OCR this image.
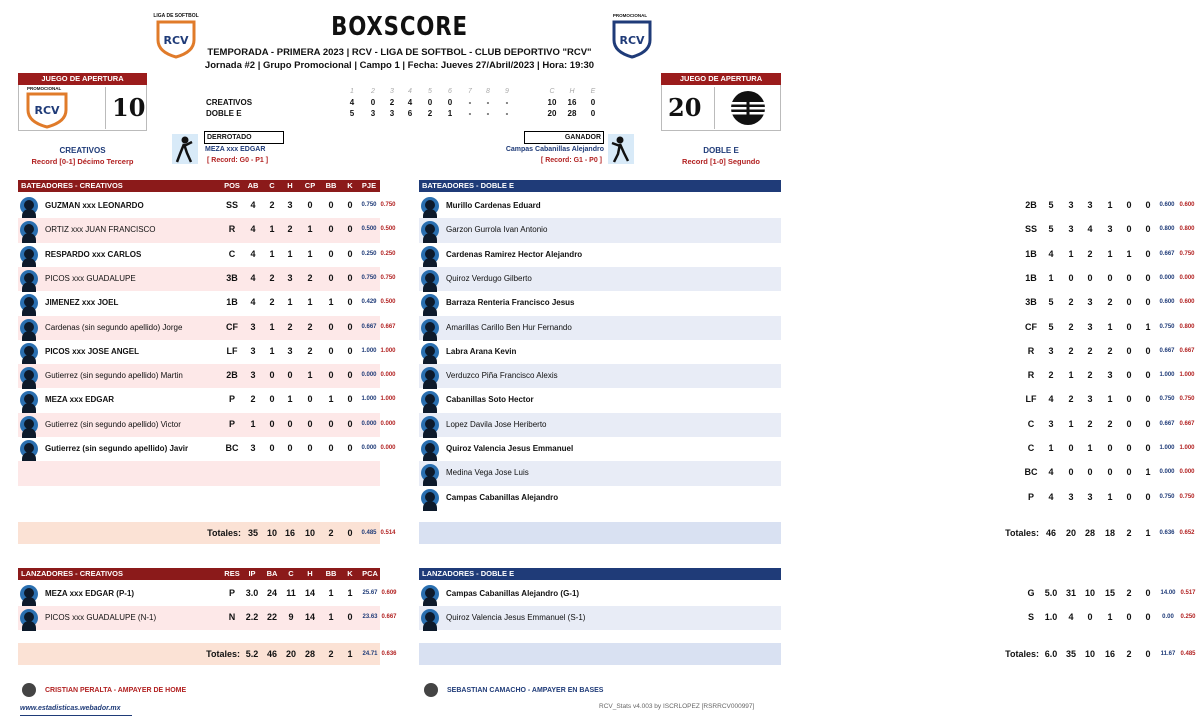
LIGA DE SOFTBOL
RCV
PROMOCIONAL
RCV
BOXSCORE
TEMPORADA - PRIMERA 2023 | RCV - LIGA DE SOFTBOL - CLUB DEPORTIVO "RCV"
Jornada #2 | Grupo Promocional | Campo 1 | Fecha: Jueves 27/Abril/2023 | Hora: 19:30
JUEGO DE APERTURA
PROMOCIONAL
RCV 10
CREATIVOS
Record [0-1] Décimo Tercerp
JUEGO DE APERTURA
20
DOBLE E
Record [1-0] Segundo
1	2	3	4	5	6	7	8	9	C	H	E
CREATIVOS	4	0	2	4	0	0	-	-	-	10	16	0
DOBLE E	5	3	3	6	2	1	-	-	-	20	28	0
DERROTADO
MEZA xxx EDGAR
[ Record: G0 - P1 ]
GANADOR
Campas Cabanillas Alejandro
[ Record: G1 - P0 ]
BATEADORES - CREATIVOS	POS	AB	C	H	CP	BB	K	PJE OBP
GUZMAN xxx LEONARDO	SS	4	2	3	0	0	0	0.750 0.750
ORTIZ xxx JUAN FRANCISCO	R	4	1	2	1	0	0	0.500 0.500
RESPARDO xxx CARLOS	C	4	1	1	1	0	0	0.250 0.250
PICOS xxx GUADALUPE	3B	4	2	3	2	0	0	0.750 0.750
JIMENEZ xxx JOEL	1B	4	2	1	1	1	0	0.429 0.500
Cardenas (sin segundo apellido) Jorge	CF	3	1	2	2	0	0	0.667 0.667
PICOS xxx JOSE ANGEL	LF	3	1	3	2	0	0	1.000 1.000
Gutierrez (sin segundo apellido) Martin	2B	3	0	0	1	0	0	0.000 0.000
MEZA xxx EDGAR	P	2	0	1	0	1	0	1.000 1.000
Gutierrez (sin segundo apellido) Victor	P	1	0	0	0	0	0	0.000 0.000
Gutierrez (sin segundo apellido) Javir	BC	3	0	0	0	0	0	0.000 0.000
Totales: 35 10 16	10	2	0	0.485 0.514
BATEADORES - DOBLE E	POS AB	C	H	CP	BB	K	PJE OBP
Murillo Cardenas Eduard	2B	5	3	3	1	0	0	0.600 0.600
Garzon Gurrola Ivan Antonio	SS	5	3	4	3	0	0	0.800 0.800
Cardenas Ramirez Hector Alejandro	1B	4	1	2	1	1	0	0.667 0.750
Quiroz Verdugo Gilberto	1B	1	0	0	0	0	0	0.000 0.000
Barraza Renteria Francisco Jesus	3B	5	2	3	2	0	0	0.600 0.600
Amarillas Carillo Ben Hur Fernando	CF	5	2	3	1	0	1	0.750 0.800
Labra Arana Kevin	R	3	2	2	2	0	0	0.667 0.667
Verduzco Piña Francisco Alexis	R	2	1	2	3	0	0	1.000 1.000
Cabanillas Soto Hector	LF	4	2	3	1	0	0	0.750 0.750
Lopez Davila Jose Heriberto	C	3	1	2	2	0	0	0.667 0.667
Quiroz Valencia Jesus Emmanuel	C	1	0	1	0	0	0	1.000 1.000
Medina Vega Jose Luis	BC	4	0	0	0	0	1	0.000 0.000
Campas Cabanillas Alejandro	P	4	3	3	1	0	0	0.750 0.750
Totales: 46	20 28	18	2	1	0.636 0.652
LANZADORES - CREATIVOS	RES	IP	BA	C	H	BB	K	PCA POP
MEZA xxx EDGAR (P-1)	P	3.0 24	11	14	1	1	25.67 0.609
PICOS xxx GUADALUPE (N-1)	N	2.2 22	9	14	1	0	23.63 0.667
Totales: 5.2 46 20 28	2	1	24.71 0.636
LANZADORES - DOBLE E	RES	IP	BA	C	H	BB	K	PCA POP
Campas Cabanillas Alejandro (G-1)	G	5.0 31 10	15	2	0	14.00 0.517
Quiroz Valencia Jesus Emmanuel (S-1)	S	1.0	4	0	1	0	0	0.00	0.250
Totales: 6.0 35 10	16	2	0	11.67 0.485
CRISTIAN PERALTA - AMPAYER DE HOME	SEBASTIAN CAMACHO - AMPAYER EN BASES
www.estadisticas.webador.mx	RCV_Stats v4.003 by ISCRLOPEZ [RSRRCV000997]
